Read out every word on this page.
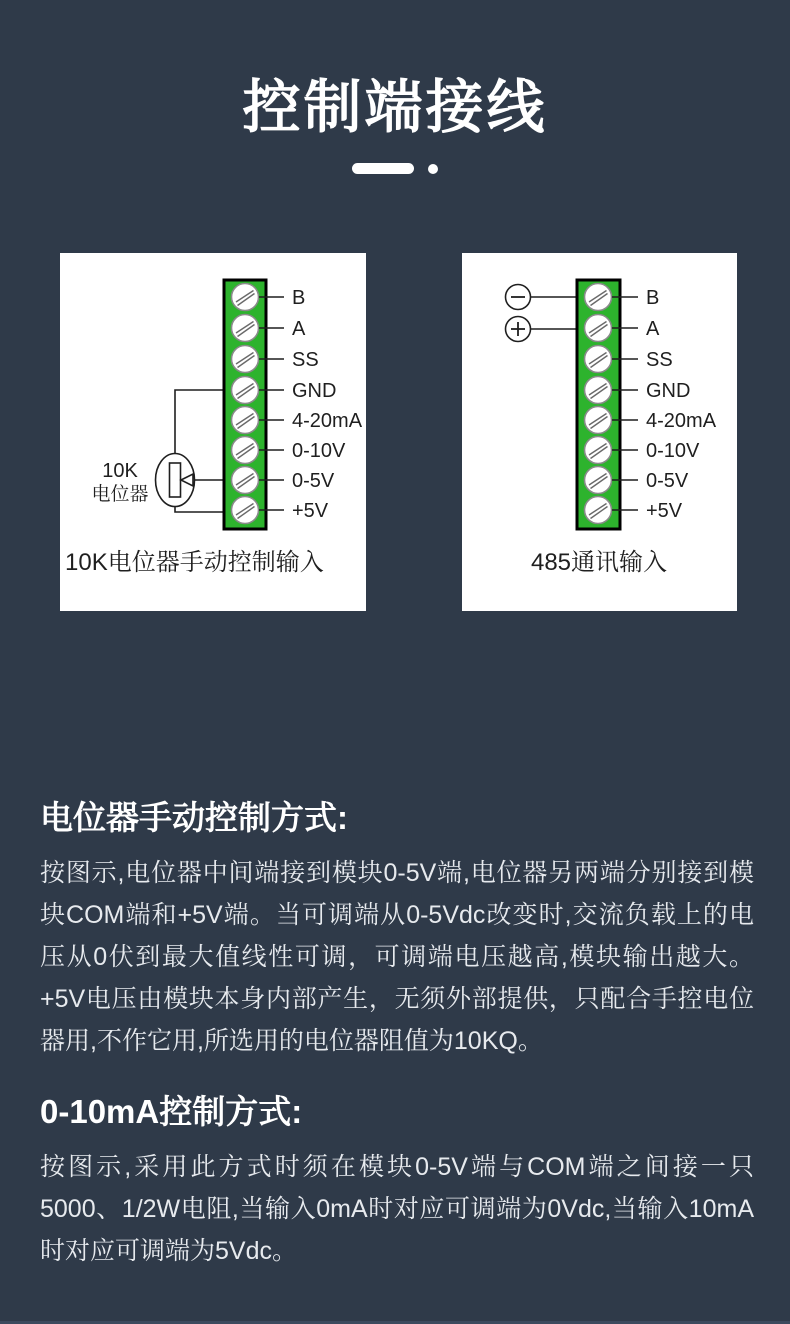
控制端接线
B
A
SS
GND
4-20mA
0-10V
0-5V
+5V
10K
电位器
10K电位器手动控制输入
B
A
SS
GND
4-20mA
0-10V
0-5V
+5V
485通讯输入
电位器手动控制方式:

按图示,电位器中间端接到模块0-5V端,电位器另两端分别接到模块COM端和+5V端。当可调端从0-5Vdc改变时,交流负载上的电压从0伏到最大值线性可调，可调端电压越高,模块输出越大。+5V电压由模块本身内部产生，无须外部提供，只配合手控电位器用,不作它用,所选用的电位器阻值为10KQ。

0-10mA控制方式:

按图示,采用此方式时须在模块0-5V端与COM端之间接一只5000、1/2W电阻,当输入0mA时对应可调端为0Vdc,当输入10mA时对应可调端为5Vdc。
